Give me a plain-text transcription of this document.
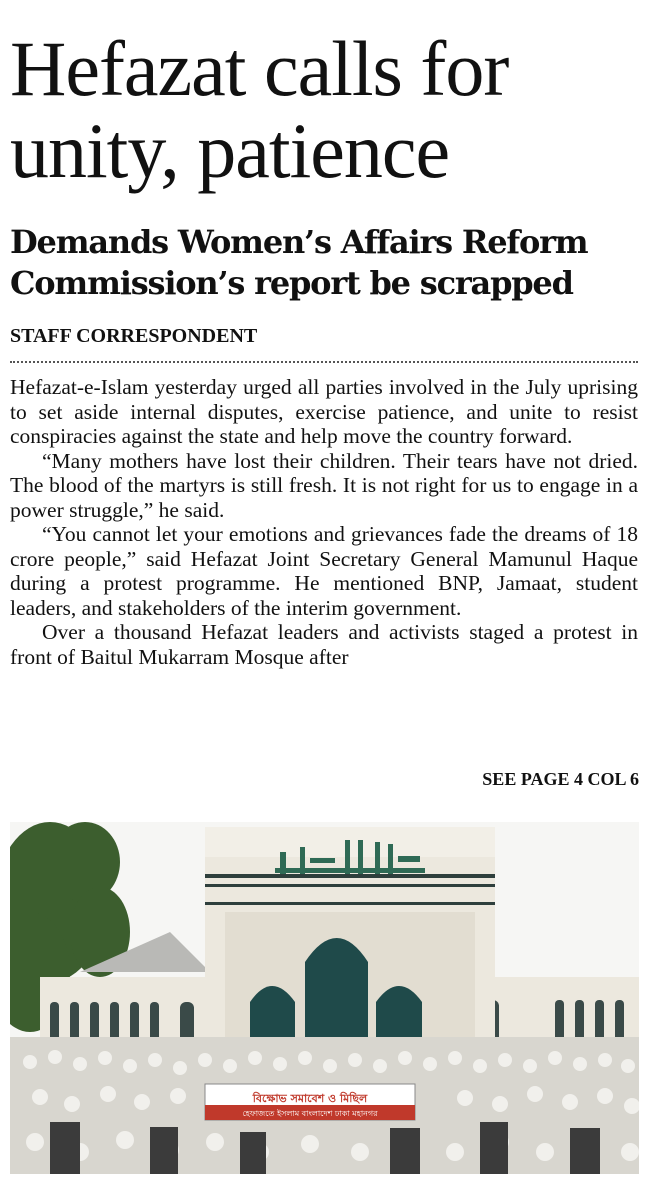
Hefazat calls for unity, patience
Demands Women’s Affairs Reform Commission’s report be scrapped
STAFF CORRESPONDENT

Hefazat-e-Islam yesterday urged all parties involved in the July uprising to set aside internal disputes, exercise patience, and unite to resist conspiracies against the state and help move the country forward.

“Many mothers have lost their children. Their tears have not dried. The blood of the martyrs is still fresh. It is not right for us to engage in a power struggle,” he said.

“You cannot let your emotions and grievances fade the dreams of 18 crore people,” said Hefazat Joint Secretary General Mamunul Haque during a protest programme. He mentioned BNP, Jamaat, student leaders, and stakeholders of the interim government.

Over a thousand Hefazat leaders and activists staged a protest in front of Baitul Mukarram Mosque after

SEE PAGE 4 COL 6
বিক্ষোভ সমাবেশ ও মিছিল
হেফাজতে ইসলাম বাংলাদেশ ঢাকা মহানগর
